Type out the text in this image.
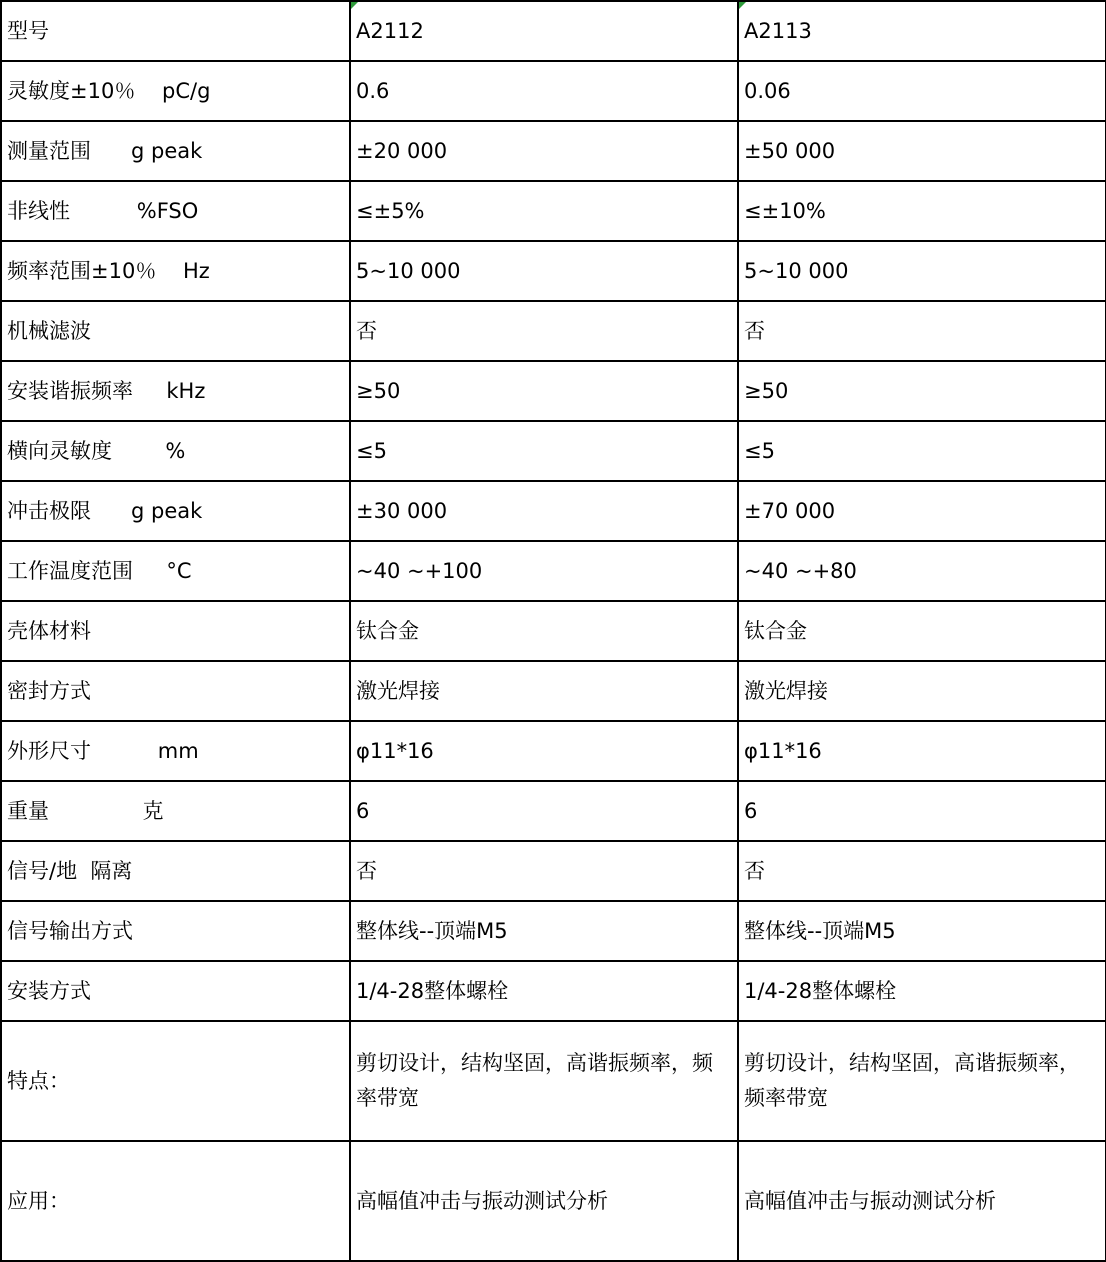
型号	A2112	A2113
灵敏度±10％    pC/g	0.6	0.06
测量范围      g peak	±20 000	±50 000
非线性          %FSO	≤±5%	≤±10%
频率范围±10％    Hz	5~10 000	5~10 000
机械滤波	否	否
安装谐振频率     kHz	≥50	≥50
横向灵敏度        %	≤5	≤5
冲击极限      g peak	±30 000	±70 000
工作温度范围     °C	~40 ~+100	~40 ~+80
壳体材料	钛合金	钛合金
密封方式	激光焊接	激光焊接
外形尺寸          mm	φ11*16	φ11*16
重量              克	6	6
信号/地  隔离	否	否
信号输出方式	整体线--顶端M5	整体线--顶端M5
安装方式	1/4-28整体螺栓	1/4-28整体螺栓
特点：	剪切设计，结构坚固，高谐振频率，频率带宽	剪切设计，结构坚固，高谐振频率，频率带宽
应用：	高幅值冲击与振动测试分析	高幅值冲击与振动测试分析
